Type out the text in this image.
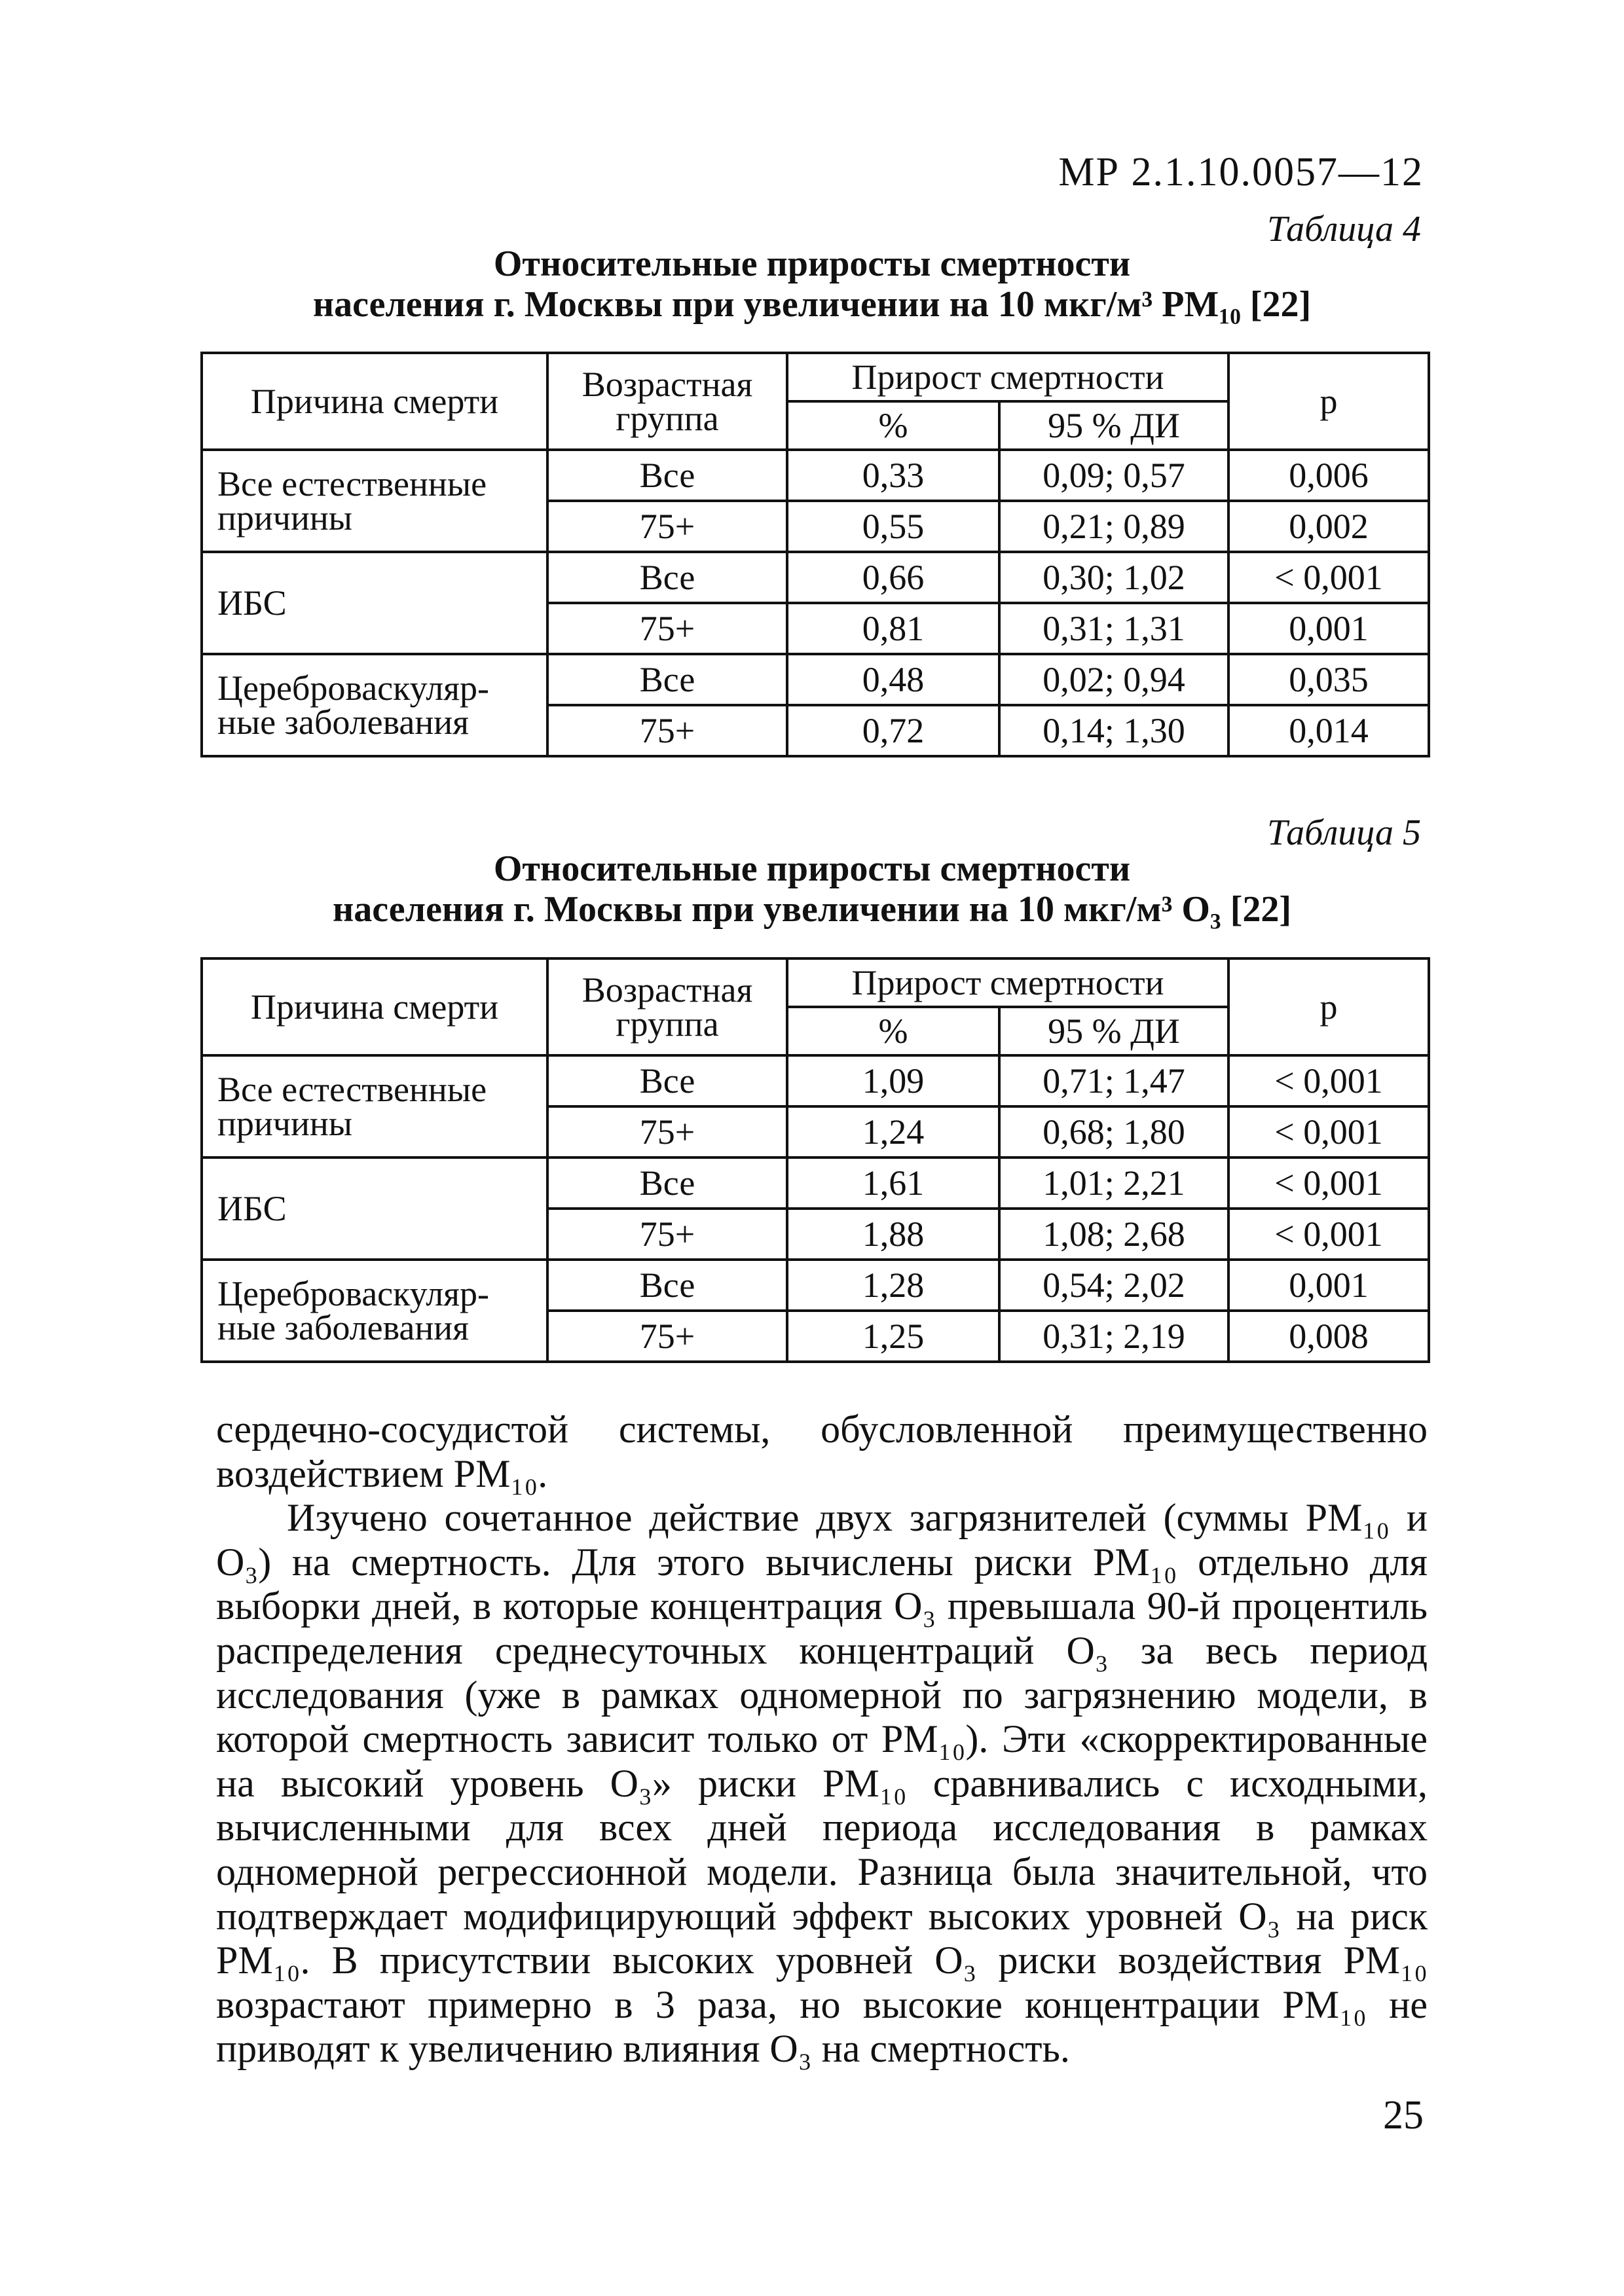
МР 2.1.10.0057—12
Таблица 4
Относительные приросты смертности
населения г. Москвы при увеличении на 10 мкг/м³ PM₁₀ [22]
Причина смерти	Возрастная группа	Прирост смертности		р
		%	95 % ДИ	
Все естественные причины	Все	0,33	0,09; 0,57	0,006
	75+	0,55	0,21; 0,89	0,002
ИБС	Все	0,66	0,30; 1,02	< 0,001
	75+	0,81	0,31; 1,31	0,001
Цереброваскуляр-ные заболевания	Все	0,48	0,02; 0,94	0,035
	75+	0,72	0,14; 1,30	0,014
Таблица 5
Относительные приросты смертности
населения г. Москвы при увеличении на 10 мкг/м³ O₃ [22]
Причина смерти	Возрастная группа	Прирост смертности		р
		%	95 % ДИ	
Все естественные причины	Все	1,09	0,71; 1,47	< 0,001
	75+	1,24	0,68; 1,80	< 0,001
ИБС	Все	1,61	1,01; 2,21	< 0,001
	75+	1,88	1,08; 2,68	< 0,001
Цереброваскуляр-ные заболевания	Все	1,28	0,54; 2,02	0,001
	75+	1,25	0,31; 2,19	0,008

сердечно-сосудистой системы, обусловленной преимущественно воздействием PM₁₀.

Изучено сочетанное действие двух загрязнителей (суммы PM₁₀ и O₃) на смертность. Для этого вычислены риски PM₁₀ отдельно для выборки дней, в которые концентрация O₃ превышала 90-й процентиль распределения среднесуточных концентраций O₃ за весь период исследования (уже в рамках одномерной по загрязнению модели, в которой смертность зависит только от PM₁₀). Эти «скорректированные на высокий уровень O₃» риски PM₁₀ сравнивались с исходными, вычисленными для всех дней периода исследования в рамках одномерной регрессионной модели. Разница была значительной, что подтверждает модифицирующий эффект высоких уровней O₃ на риск PM₁₀. В присутствии высоких уровней O₃ риски воздействия PM₁₀ возрастают примерно в 3 раза, но высокие концентрации PM₁₀ не приводят к увеличению влияния O₃ на смертность.

25
